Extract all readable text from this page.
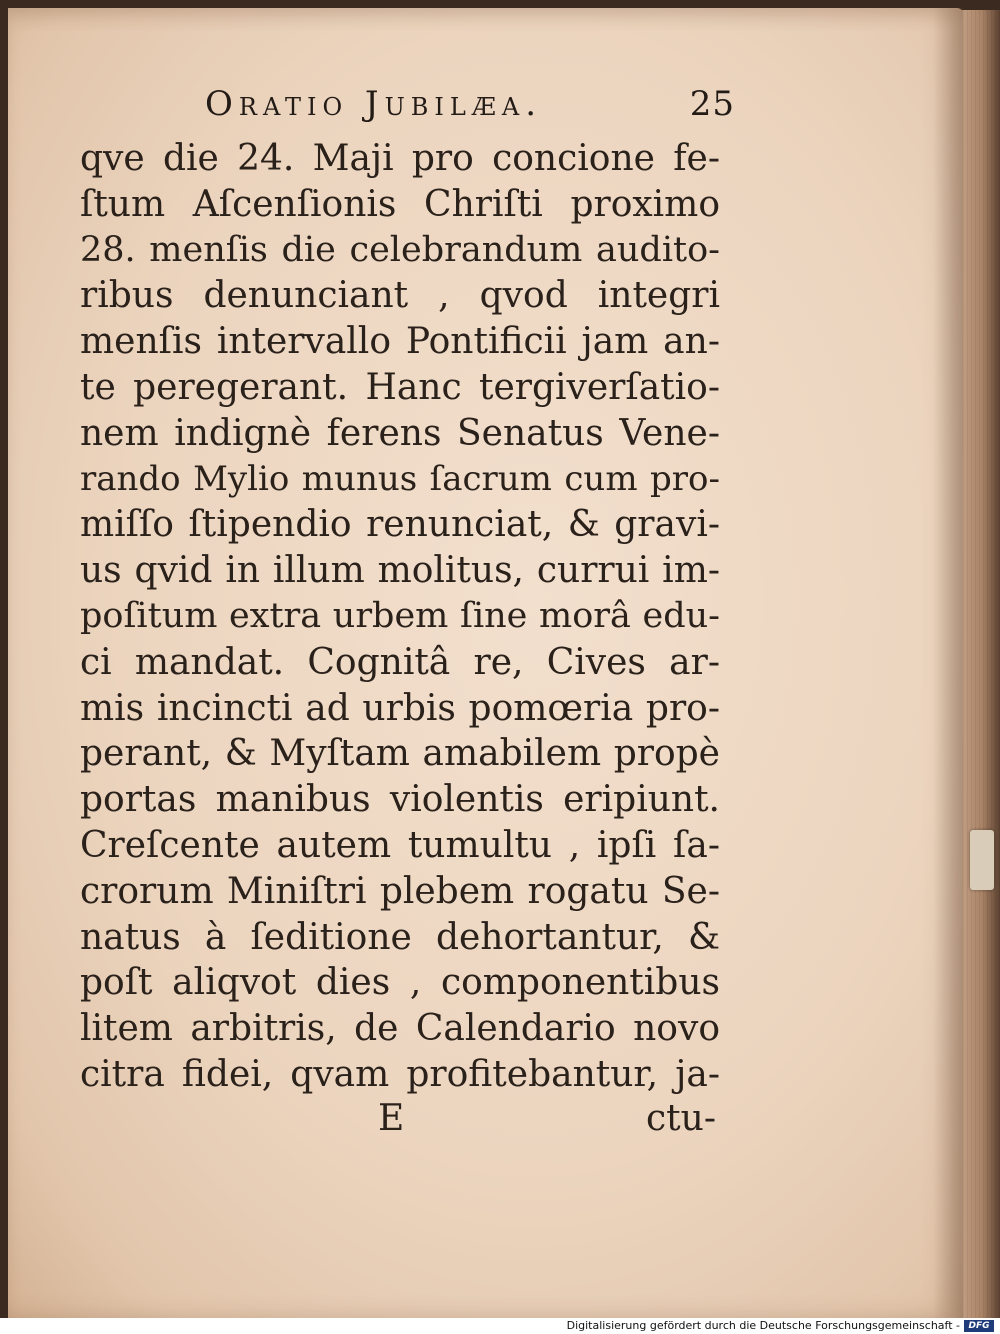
Oratio Jubilæa.	25
qve die 24. Maji pro concione fe-
ſtum Aſcenſionis Chriſti proximo
28. menſis die celebrandum audito-
ribus denunciant , qvod integri
menſis intervallo Pontificii jam an-
te peregerant. Hanc tergiverſatio-
nem indignè ferens Senatus Vene-
rando Mylio munus ſacrum cum pro-
miſſo ſtipendio renunciat, & gravi-
us qvid in illum molitus, currui im-
poſitum extra urbem ſine morâ edu-
ci mandat. Cognitâ re, Cives ar-
mis incincti ad urbis pomœria pro-
perant, & Myſtam amabilem propè
portas manibus violentis eripiunt.
Creſcente autem tumultu , ipſi ſa-
crorum Miniſtri plebem rogatu Se-
natus à ſeditione dehortantur, &
poſt aliqvot dies , componentibus
litem arbitris, de Calendario novo
citra fidei, qvam profitebantur, ja-
E	ctu-
Digitalisierung gefördert durch die Deutsche Forschungsgemeinschaft - DFG
